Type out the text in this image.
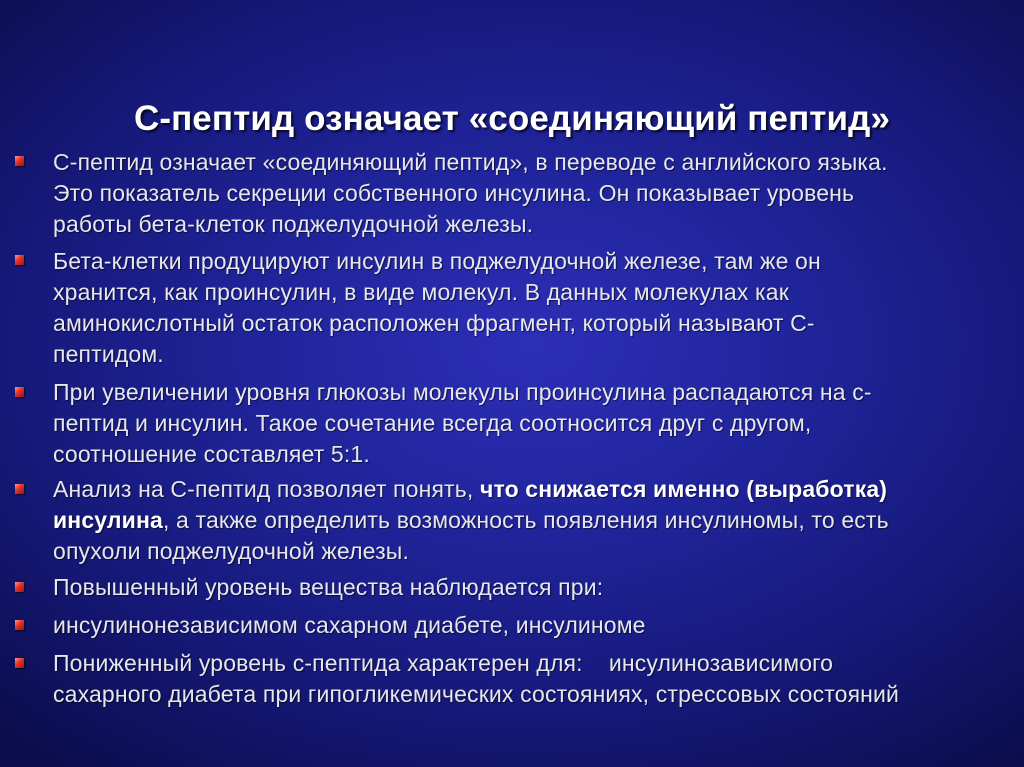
С-пептид означает «соединяющий пептид»
С-пептид означает «соединяющий пептид», в переводе с английского языка.
Это показатель секреции собственного инсулина. Он показывает уровень
работы бета-клеток поджелудочной железы.
Бета-клетки продуцируют инсулин в поджелудочной железе, там же он
хранится, как проинсулин, в виде молекул. В данных молекулах как
аминокислотный остаток расположен фрагмент, который называют С-
пептидом.
При увеличении уровня глюкозы молекулы проинсулина распадаются на с-
пептид и инсулин. Такое сочетание всегда соотносится друг с другом,
соотношение составляет 5:1.
Анализ на С-пептид позволяет понять, что снижается именно (выработка)
инсулина, а также определить возможность появления инсулиномы, то есть
опухоли поджелудочной железы.
Повышенный уровень вещества наблюдается при:
инсулинонезависимом сахарном диабете, инсулиноме
Пониженный уровень с-пептида характерен для:    инсулинозависимого
сахарного диабета при гипогликемических состояниях, стрессовых состояний
